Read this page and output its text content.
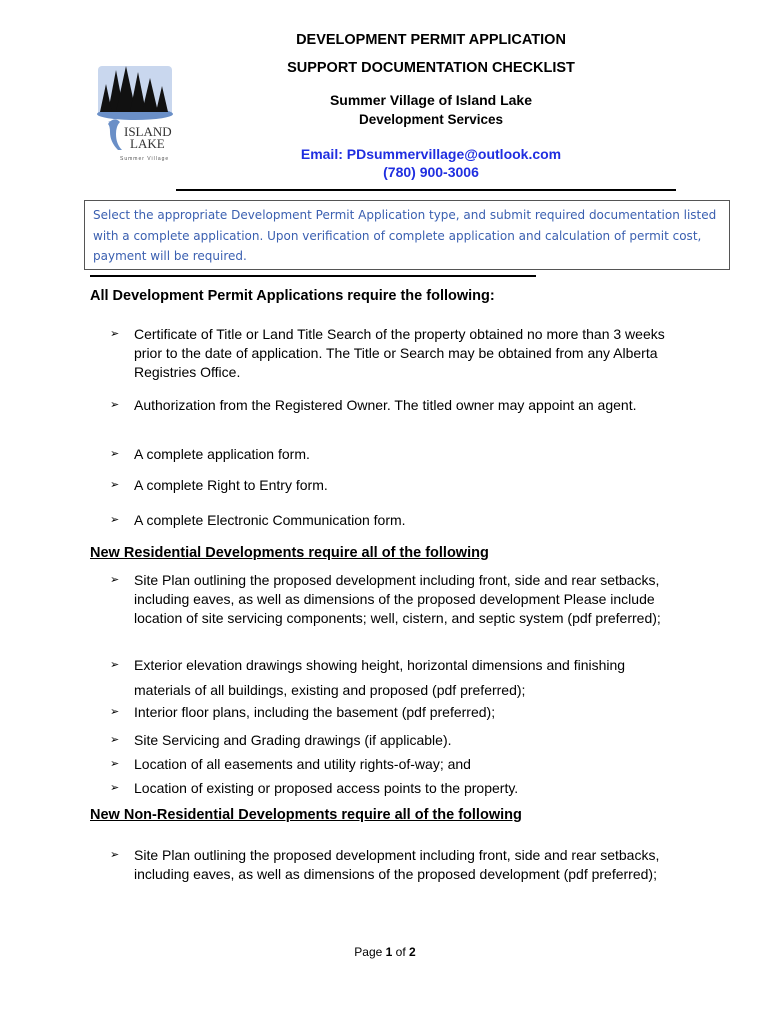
DEVELOPMENT PERMIT APPLICATION
SUPPORT DOCUMENTATION CHECKLIST
Summer Village of Island Lake
Development Services
Email: PDsummervillage@outlook.com
(780) 900-3006
ISLAND
LAKE
Summer Village
Select the appropriate Development Permit Application type, and submit required documentation listed with a complete application. Upon verification of complete application and calculation of permit cost, payment will be required.
All Development Permit Applications require the following:
➢ Certificate of Title or Land Title Search of the property obtained no more than 3 weeks prior to the date of application. The Title or Search may be obtained from any Alberta Registries Office.
➢ Authorization from the Registered Owner. The titled owner may appoint an agent.
➢ A complete application form.
➢ A complete Right to Entry form.
➢ A complete Electronic Communication form.
New Residential Developments require all of the following
➢ Site Plan outlining the proposed development including front, side and rear setbacks, including eaves, as well as dimensions of the proposed development Please include location of site servicing components; well, cistern, and septic system (pdf preferred);
➢ Exterior elevation drawings showing height, horizontal dimensions and finishing materials of all buildings, existing and proposed (pdf preferred);
➢ Interior floor plans, including the basement (pdf preferred);
➢ Site Servicing and Grading drawings (if applicable).
➢ Location of all easements and utility rights-of-way; and
➢ Location of existing or proposed access points to the property.
New Non-Residential Developments require all of the following
➢ Site Plan outlining the proposed development including front, side and rear setbacks, including eaves, as well as dimensions of the proposed development (pdf preferred);
Page 1 of 2
